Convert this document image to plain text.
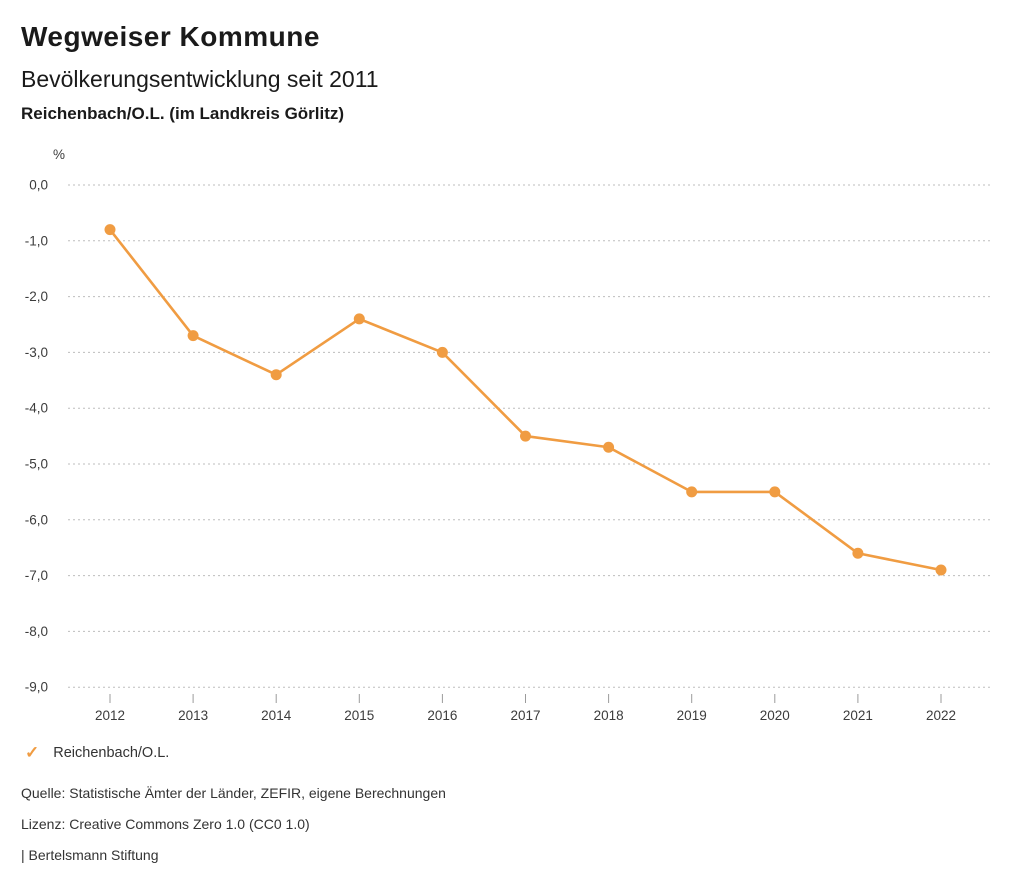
Wegweiser Kommune
Bevölkerungsentwicklung seit 2011
Reichenbach/O.L. (im Landkreis Görlitz)
%
0,0
-1,0
-2,0
-3,0
-4,0
-5,0
-6,0
-7,0
-8,0
-9,0
2012	2013	2014	2015	2016	2017	2018	2019	2020	2021	2022
✓ Reichenbach/O.L.
Quelle: Statistische Ämter der Länder, ZEFIR, eigene Berechnungen
Lizenz: Creative Commons Zero 1.0 (CC0 1.0)
| Bertelsmann Stiftung
